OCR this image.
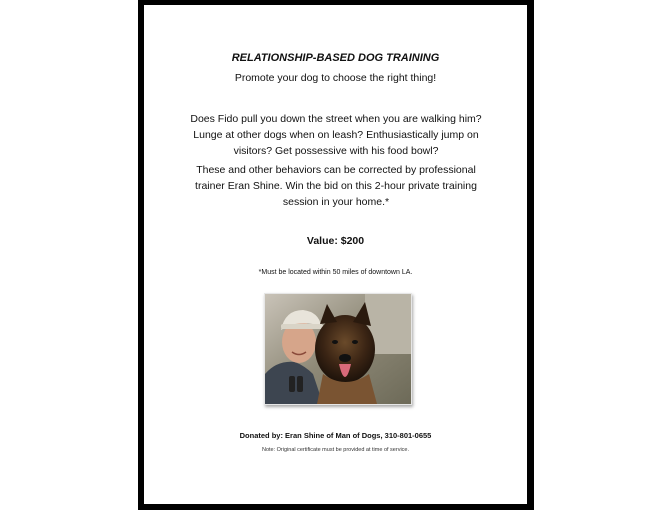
RELATIONSHIP-BASED DOG TRAINING
Promote your dog to choose the right thing!
Does Fido pull you down the street when you are walking him? Lunge at other dogs when on leash? Enthusiastically jump on visitors? Get possessive with his food bowl?
These and other behaviors can be corrected by professional trainer Eran Shine. Win the bid on this 2-hour private training session in your home.*
Value: $200
*Must be located within 50 miles of downtown LA.
Donated by: Eran Shine of Man of Dogs, 310-801-0655
Note: Original certificate must be provided at time of service.
